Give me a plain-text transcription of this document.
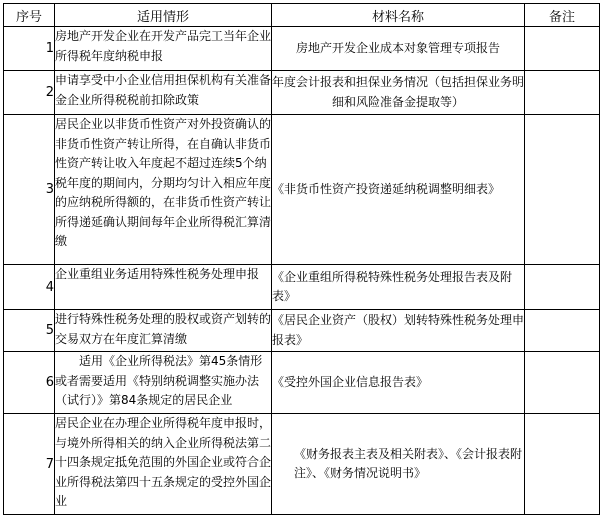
序号	适用情形	材料名称	备注
1	房地产开发企业在开发产品完工当年企业所得税年度纳税申报	房地产开发企业成本对象管理专项报告	
2	申请享受中小企业信用担保机构有关准备金企业所得税税前扣除政策	年度会计报表和担保业务情况（包括担保业务明细和风险准备金提取等）	
3	居民企业以非货币性资产对外投资确认的非货币性资产转让所得，在自确认非货币性资产转让收入年度起不超过连续5个纳税年度的期间内，分期均匀计入相应年度的应纳税所得额的，在非货币性资产转让所得递延确认期间每年企业所得税汇算清缴	《非货币性资产投资递延纳税调整明细表》	
4	企业重组业务适用特殊性税务处理申报	《企业重组所得税特殊性税务处理报告表及附表》	
5	进行特殊性税务处理的股权或资产划转的交易双方在年度汇算清缴	《居民企业资产（股权）划转特殊性税务处理申报表》	
6	适用《企业所得税法》第45条情形或者需要适用《特别纳税调整实施办法（试行）》第84条规定的居民企业	《受控外国企业信息报告表》	
7	居民企业在办理企业所得税年度申报时，与境外所得相关的纳入企业所得税法第二十四条规定抵免范围的外国企业或符合企业所得税法第四十五条规定的受控外国企业	《财务报表主表及相关附表》、《会计报表附注》、《财务情况说明书》	
